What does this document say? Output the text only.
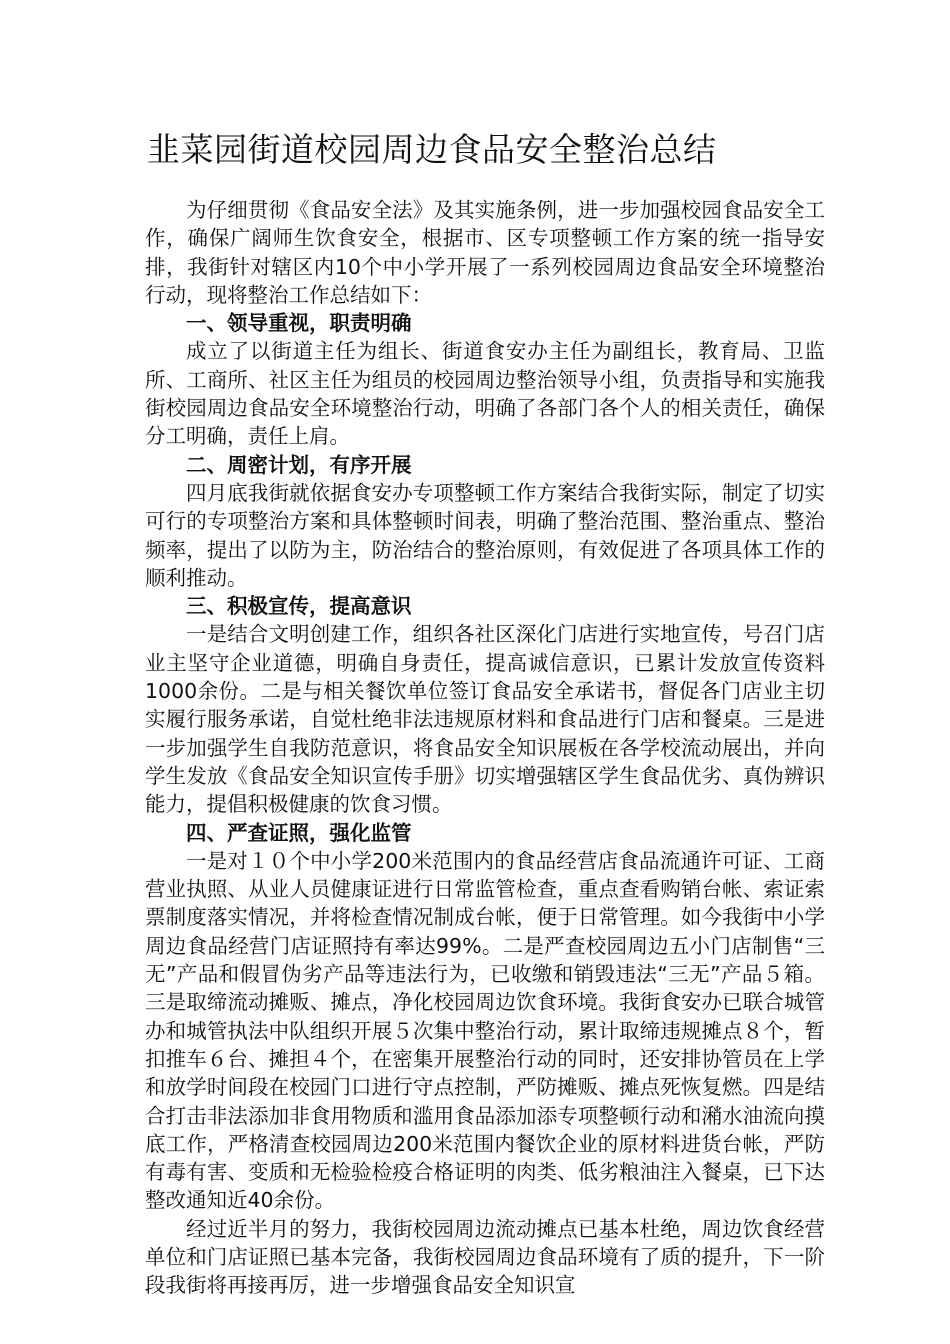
韭菜园街道校园周边食品安全整治总结

为仔细贯彻《食品安全法》及其实施条例，进一步加强校园食品安全工作，确保广阔师生饮食安全，根据市、区专项整顿工作方案的统一指导安排，我街针对辖区内10个中小学开展了一系列校园周边食品安全环境整治行动，现将整治工作总结如下：

一、领导重视，职责明确

成立了以街道主任为组长、街道食安办主任为副组长，教育局、卫监所、工商所、社区主任为组员的校园周边整治领导小组，负责指导和实施我街校园周边食品安全环境整治行动，明确了各部门各个人的相关责任，确保分工明确，责任上肩。

二、周密计划，有序开展

四月底我街就依据食安办专项整顿工作方案结合我街实际，制定了切实可行的专项整治方案和具体整顿时间表，明确了整治范围、整治重点、整治频率，提出了以防为主，防治结合的整治原则，有效促进了各项具体工作的顺利推动。

三、积极宣传，提高意识

一是结合文明创建工作，组织各社区深化门店进行实地宣传，号召门店业主坚守企业道德，明确自身责任，提高诚信意识，已累计发放宣传资料1000余份。二是与相关餐饮单位签订食品安全承诺书，督促各门店业主切实履行服务承诺，自觉杜绝非法违规原材料和食品进行门店和餐桌。三是进一步加强学生自我防范意识，将食品安全知识展板在各学校流动展出，并向学生发放《食品安全知识宣传手册》切实增强辖区学生食品优劣、真伪辨识能力，提倡积极健康的饮食习惯。

四、严查证照，强化监管

一是对１０个中小学200米范围内的食品经营店食品流通许可证、工商营业执照、从业人员健康证进行日常监管检查，重点查看购销台帐、索证索票制度落实情况，并将检查情况制成台帐，便于日常管理。如今我街中小学周边食品经营门店证照持有率达99%。二是严查校园周边五小门店制售“三无”产品和假冒伪劣产品等违法行为，已收缴和销毁违法“三无”产品５箱。三是取缔流动摊贩、摊点，净化校园周边饮食环境。我街食安办已联合城管办和城管执法中队组织开展５次集中整治行动，累计取缔违规摊点８个，暂扣推车６台、摊担４个，在密集开展整治行动的同时，还安排协管员在上学和放学时间段在校园门口进行守点控制，严防摊贩、摊点死恢复燃。四是结合打击非法添加非食用物质和滥用食品添加添专项整顿行动和潲水油流向摸底工作，严格清查校园周边200米范围内餐饮企业的原材料进货台帐，严防有毒有害、变质和无检验检疫合格证明的肉类、低劣粮油注入餐桌，已下达整改通知近40余份。

经过近半月的努力，我街校园周边流动摊点已基本杜绝，周边饮食经营单位和门店证照已基本完备，我街校园周边食品环境有了质的提升，下一阶段我街将再接再厉，进一步增强食品安全知识宣
